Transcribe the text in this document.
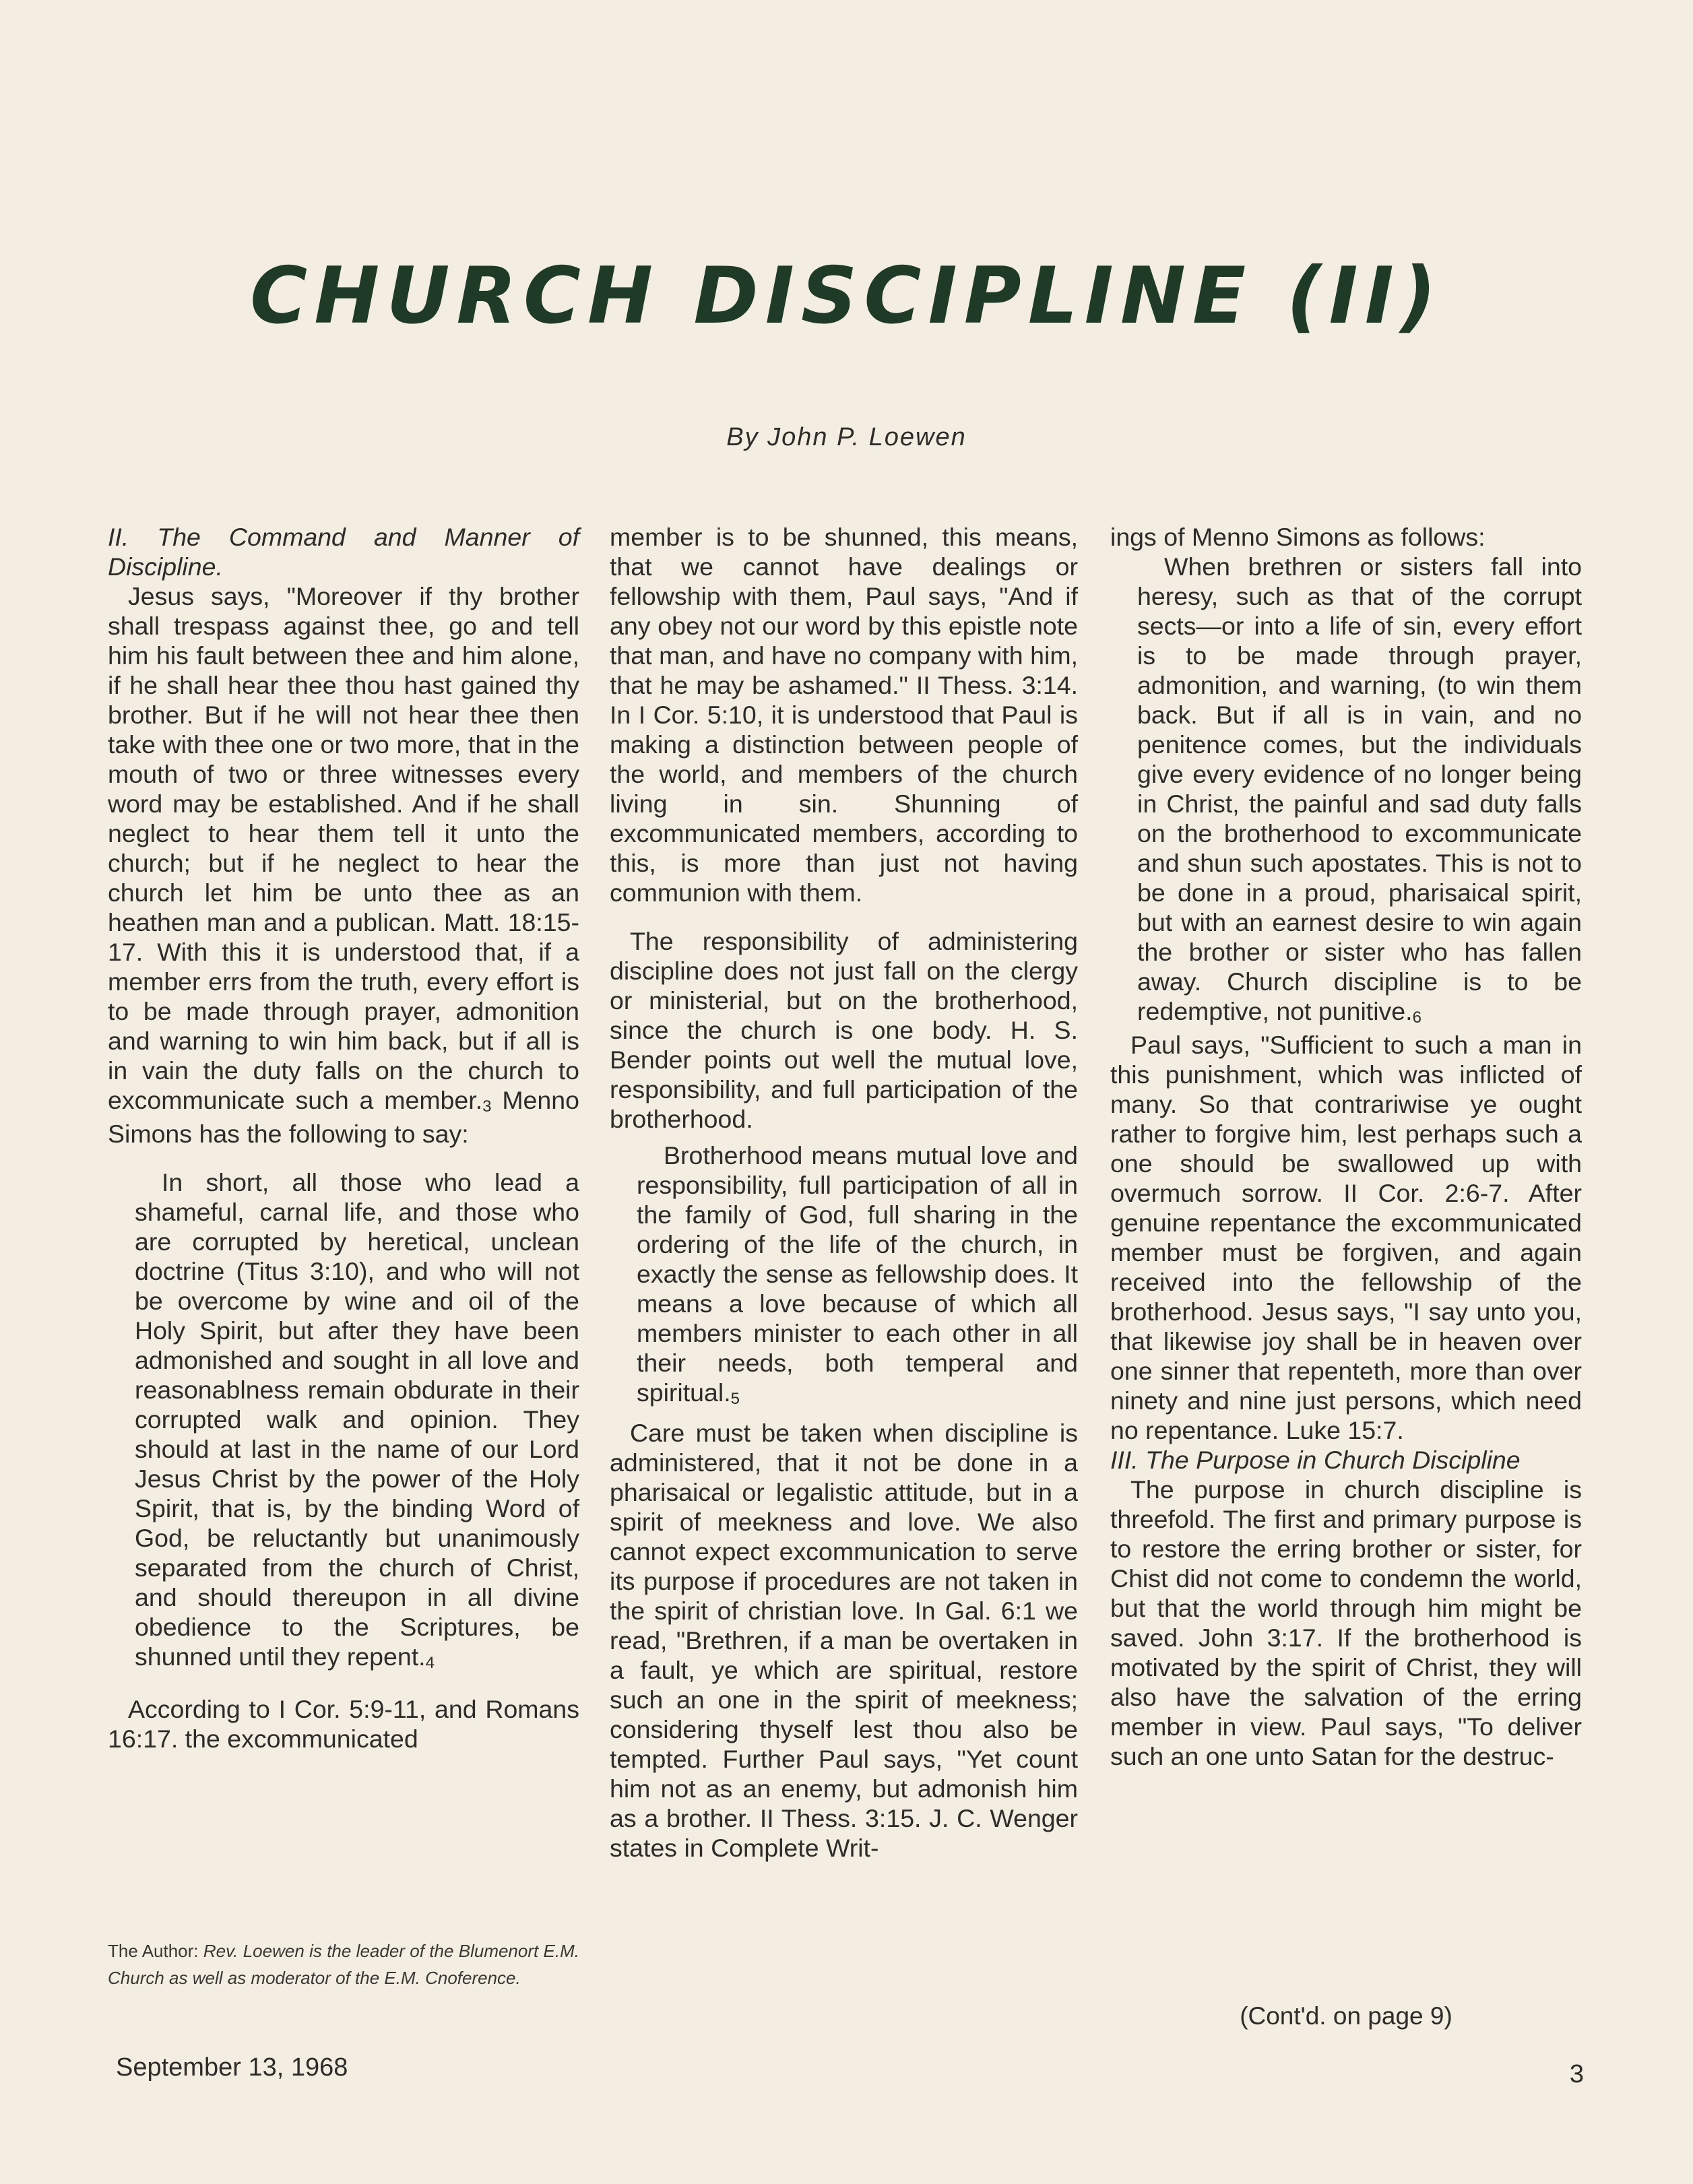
CHURCH DISCIPLINE (II)
By John P. Loewen

II. The Command and Manner of Discipline.

Jesus says, "Moreover if thy brother shall trespass against thee, go and tell him his fault between thee and him alone, if he shall hear thee thou hast gained thy brother. But if he will not hear thee then take with thee one or two more, that in the mouth of two or three witnesses every word may be established. And if he shall neglect to hear them tell it unto the church; but if he neglect to hear the church let him be unto thee as an heathen man and a publican. Matt. 18:15-17. With this it is understood that, if a member errs from the truth, every effort is to be made through prayer, admonition and warning to win him back, but if all is in vain the duty falls on the church to excommunicate such a member.$^3$ Menno Simons has the following to say:

In short, all those who lead a shameful, carnal life, and those who are corrupted by heretical, unclean doctrine (Titus 3:10), and who will not be overcome by wine and oil of the Holy Spirit, but after they have been admonished and sought in all love and reasonablness remain obdurate in their corrupted walk and opinion. They should at last in the name of our Lord Jesus Christ by the power of the Holy Spirit, that is, by the binding Word of God, be reluctantly but unanimously separated from the church of Christ, and should thereupon in all divine obedience to the Scriptures, be shunned until they repent.$^4$

According to I Cor. 5:9-11, and Romans 16:17. the excommunicated

The Author: Rev. Loewen is the leader of the Blumenort E.M. Church as well as moderator of the E.M. Cnoference.

member is to be shunned, this means, that we cannot have dealings or fellowship with them, Paul says, "And if any obey not our word by this epistle note that man, and have no company with him, that he may be ashamed." II Thess. 3:14. In I Cor. 5:10, it is understood that Paul is making a distinction between people of the world, and members of the church living in sin. Shunning of excommunicated members, according to this, is more than just not having communion with them.

The responsibility of administering discipline does not just fall on the clergy or ministerial, but on the brotherhood, since the church is one body. H. S. Bender points out well the mutual love, responsibility, and full participation of the brotherhood.

Brotherhood means mutual love and responsibility, full participation of all in the family of God, full sharing in the ordering of the life of the church, in exactly the sense as fellowship does. It means a love because of which all members minister to each other in all their needs, both temperal and spiritual.$^5$

Care must be taken when discipline is administered, that it not be done in a pharisaical or legalistic attitude, but in a spirit of meekness and love. We also cannot expect excommunication to serve its purpose if procedures are not taken in the spirit of christian love. In Gal. 6:1 we read, "Brethren, if a man be overtaken in a fault, ye which are spiritual, restore such an one in the spirit of meekness; considering thyself lest thou also be tempted. Further Paul says, "Yet count him not as an enemy, but admonish him as a brother. II Thess. 3:15. J. C. Wenger states in Complete Writ-

ings of Menno Simons as follows:

When brethren or sisters fall into heresy, such as that of the corrupt sects—or into a life of sin, every effort is to be made through prayer, admonition, and warning, (to win them back. But if all is in vain, and no penitence comes, but the individuals give every evidence of no longer being in Christ, the painful and sad duty falls on the brotherhood to excommunicate and shun such apostates. This is not to be done in a proud, pharisaical spirit, but with an earnest desire to win again the brother or sister who has fallen away. Church discipline is to be redemptive, not punitive.$^6$

Paul says, "Sufficient to such a man in this punishment, which was inflicted of many. So that contrariwise ye ought rather to forgive him, lest perhaps such a one should be swallowed up with overmuch sorrow. II Cor. 2:6-7. After genuine repentance the excommunicated member must be forgiven, and again received into the fellowship of the brotherhood. Jesus says, "I say unto you, that likewise joy shall be in heaven over one sinner that repenteth, more than over ninety and nine just persons, which need no repentance. Luke 15:7.

III. The Purpose in Church Discipline

The purpose in church discipline is threefold. The first and primary purpose is to restore the erring brother or sister, for Chist did not come to condemn the world, but that the world through him might be saved. John 3:17. If the brotherhood is motivated by the spirit of Christ, they will also have the salvation of the erring member in view. Paul says, "To deliver such an one unto Satan for the destruc-

(Cont'd. on page 9)
September 13, 1968	3
